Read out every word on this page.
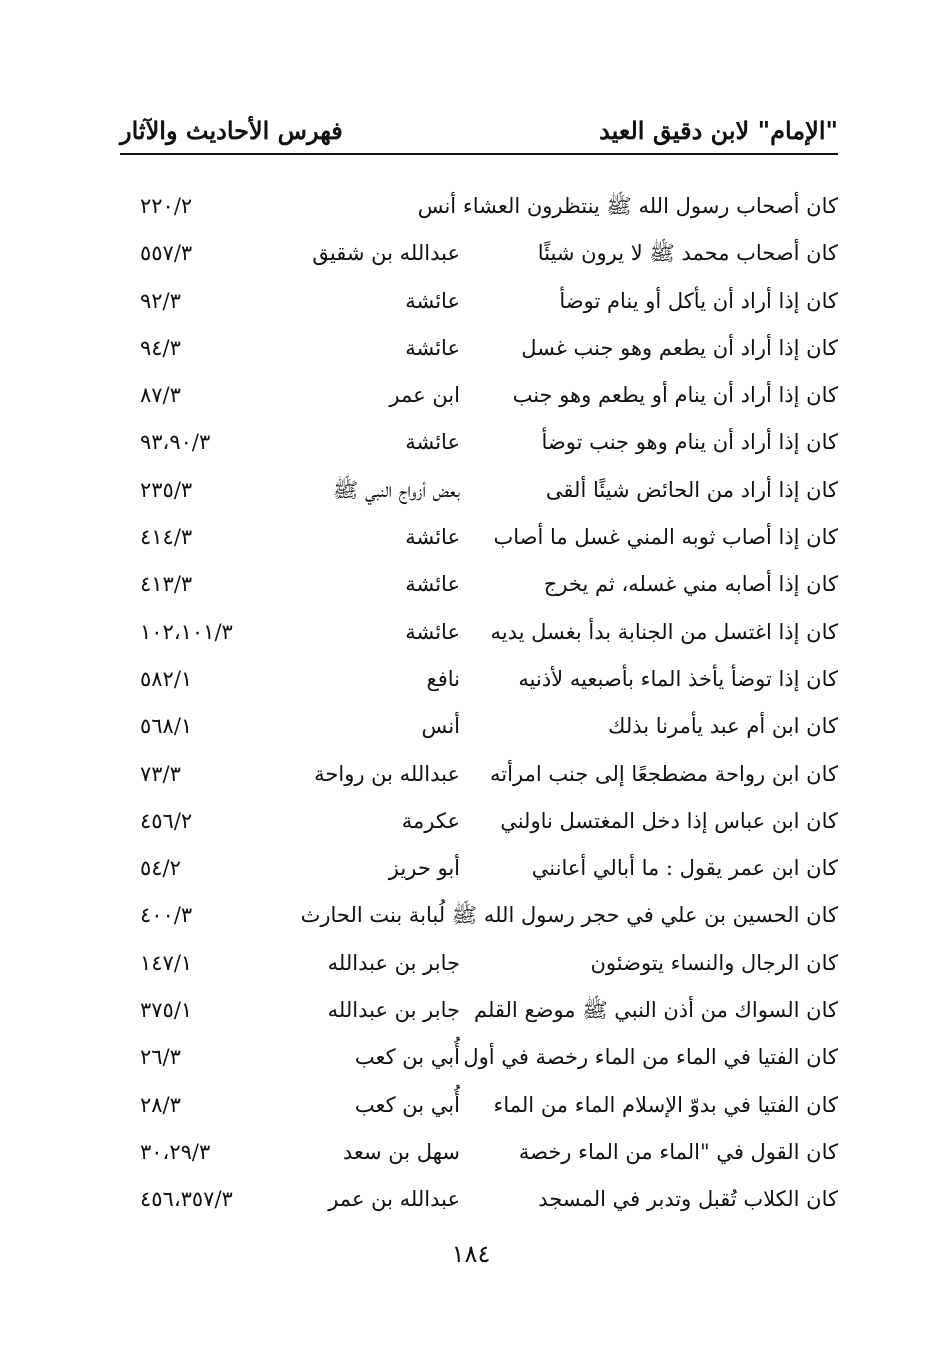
"الإمام" لابن دقيق العيد
فهرس الأحاديث والآثار
كان أصحاب رسول الله ﷺ ينتظرون العشاء أنس
٢٢٠/٢
كان أصحاب محمد ﷺ لا يرون شيئًا
عبدالله بن شقيق
٥٥٧/٣
كان إذا أراد أن يأكل أو ينام توضأ
عائشة
٩٢/٣
كان إذا أراد أن يطعم وهو جنب غسل
عائشة
٩٤/٣
كان إذا أراد أن ينام أو يطعم وهو جنب
ابن عمر
٨٧/٣
كان إذا أراد أن ينام وهو جنب توضأ
عائشة
٩٣،٩٠/٣
كان إذا أراد من الحائض شيئًا ألقى
بعض أزواج النبي ﷺ
٢٣٥/٣
كان إذا أصاب ثوبه المني غسل ما أصاب
عائشة
٤١٤/٣
كان إذا أصابه مني غسله، ثم يخرج
عائشة
٤١٣/٣
كان إذا اغتسل من الجنابة بدأ بغسل يديه
عائشة
١٠٢،١٠١/٣
كان إذا توضأ يأخذ الماء بأصبعيه لأذنيه
نافع
٥٨٢/١
كان ابن أم عبد يأمرنا بذلك
أنس
٥٦٨/١
كان ابن رواحة مضطجعًا إلى جنب امرأته
عبدالله بن رواحة
٧٣/٣
كان ابن عباس إذا دخل المغتسل ناولني
عكرمة
٤٥٦/٢
كان ابن عمر يقول : ما أبالي أعانني
أبو حريز
٥٤/٢
كان الحسين بن علي في حجر رسول الله ﷺ لُبابة بنت الحارث
٤٠٠/٣
كان الرجال والنساء يتوضئون
جابر بن عبدالله
١٤٧/١
كان السواك من أذن النبي ﷺ موضع القلم
جابر بن عبدالله
٣٧٥/١
كان الفتيا في الماء من الماء رخصة في أول
أُبي بن كعب
٢٦/٣
كان الفتيا في بدوّ الإسلام الماء من الماء
أُبي بن كعب
٢٨/٣
كان القول في "الماء من الماء رخصة
سهل بن سعد
٣٠،٢٩/٣
كان الكلاب تُقبل وتدبر في المسجد
عبدالله بن عمر
٤٥٦،٣٥٧/٣
١٨٤
